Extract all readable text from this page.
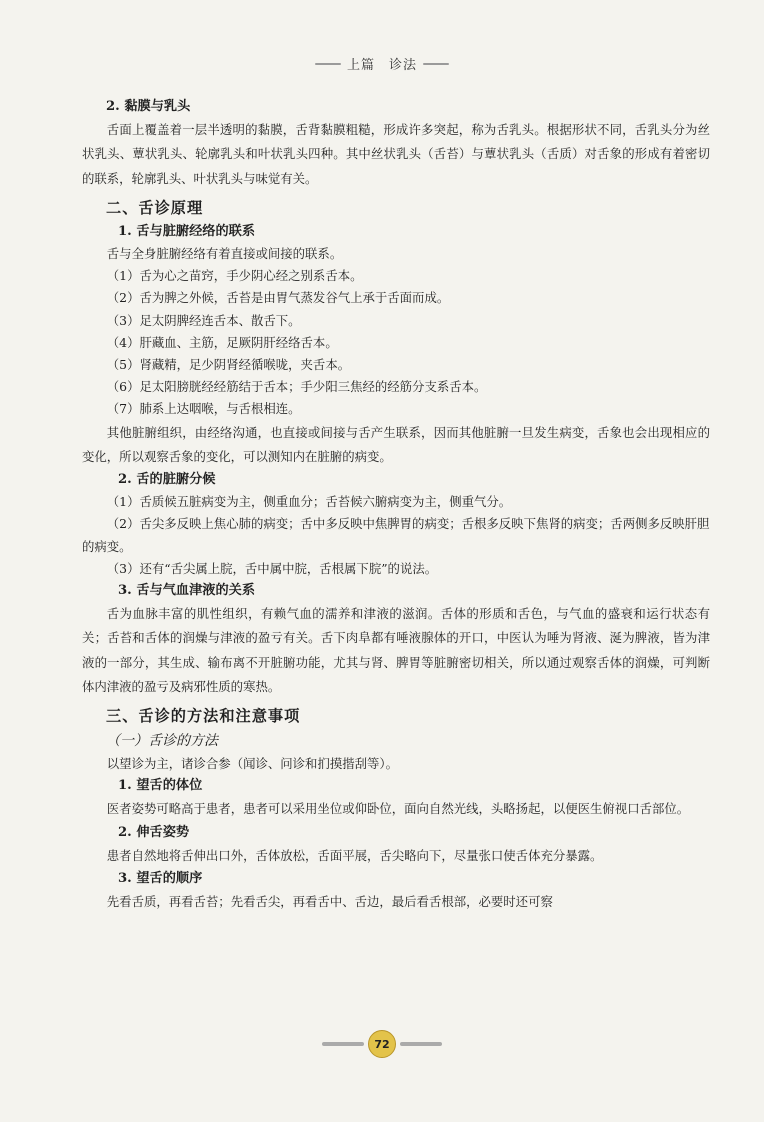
上篇 诊法

2. 黏膜与乳头

舌面上覆盖着一层半透明的黏膜，舌背黏膜粗糙，形成许多突起，称为舌乳头。根据形状不同，舌乳头分为丝状乳头、蕈状乳头、轮廓乳头和叶状乳头四种。其中丝状乳头（舌苔）与蕈状乳头（舌质）对舌象的形成有着密切的联系，轮廓乳头、叶状乳头与味觉有关。

二、舌诊原理

1. 舌与脏腑经络的联系

舌与全身脏腑经络有着直接或间接的联系。

（1）舌为心之苗窍，手少阴心经之别系舌本。

（2）舌为脾之外候，舌苔是由胃气蒸发谷气上承于舌面而成。

（3）足太阴脾经连舌本、散舌下。

（4）肝藏血、主筋，足厥阴肝经络舌本。

（5）肾藏精，足少阴肾经循喉咙，夹舌本。

（6）足太阳膀胱经经筋结于舌本；手少阳三焦经的经筋分支系舌本。

（7）肺系上达咽喉，与舌根相连。

其他脏腑组织，由经络沟通，也直接或间接与舌产生联系，因而其他脏腑一旦发生病变，舌象也会出现相应的变化，所以观察舌象的变化，可以测知内在脏腑的病变。

2. 舌的脏腑分候

（1）舌质候五脏病变为主，侧重血分；舌苔候六腑病变为主，侧重气分。

（2）舌尖多反映上焦心肺的病变；舌中多反映中焦脾胃的病变；舌根多反映下焦肾的病变；舌两侧多反映肝胆的病变。

（3）还有“舌尖属上脘，舌中属中脘，舌根属下脘”的说法。

3. 舌与气血津液的关系

舌为血脉丰富的肌性组织，有赖气血的濡养和津液的滋润。舌体的形质和舌色，与气血的盛衰和运行状态有关；舌苔和舌体的润燥与津液的盈亏有关。舌下肉阜都有唾液腺体的开口，中医认为唾为肾液、涎为脾液，皆为津液的一部分，其生成、输布离不开脏腑功能，尤其与肾、脾胃等脏腑密切相关，所以通过观察舌体的润燥，可判断体内津液的盈亏及病邪性质的寒热。

三、舌诊的方法和注意事项

（一）舌诊的方法

以望诊为主，诸诊合参（闻诊、问诊和扪摸揩刮等）。

1. 望舌的体位

医者姿势可略高于患者，患者可以采用坐位或仰卧位，面向自然光线，头略扬起，以便医生俯视口舌部位。

2. 伸舌姿势

患者自然地将舌伸出口外，舌体放松，舌面平展，舌尖略向下，尽量张口使舌体充分暴露。

3. 望舌的顺序

先看舌质，再看舌苔；先看舌尖，再看舌中、舌边，最后看舌根部，必要时还可察

72
